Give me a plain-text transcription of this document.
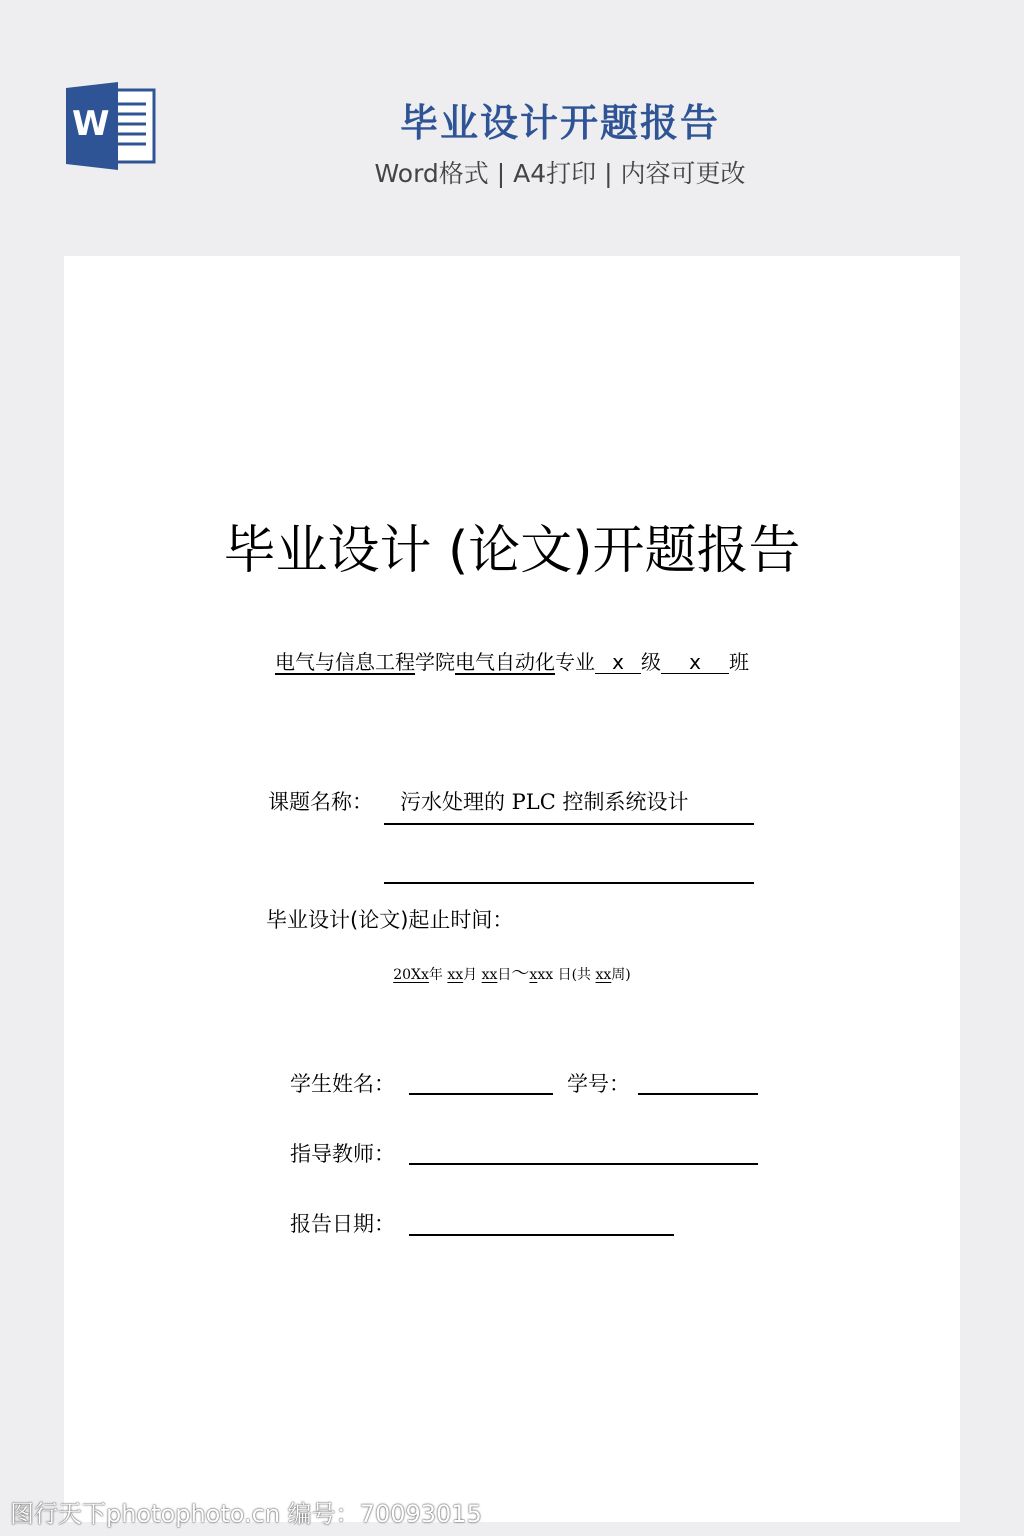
W	毕业设计开题报告
Word格式 | A4打印 | 内容可更改
毕业设计 (论文)开题报告
电气与信息工程学院电气自动化专业 x 级 x 班
课题名称： 污水处理的 PLC 控制系统设计
毕业设计(论文)起止时间：
20Xx年 xx月 xx日〜xxx 日(共 xx周)
学生姓名：	学号：
指导教师：
报告日期：
图行天下photophoto.cn 编号：70093015
